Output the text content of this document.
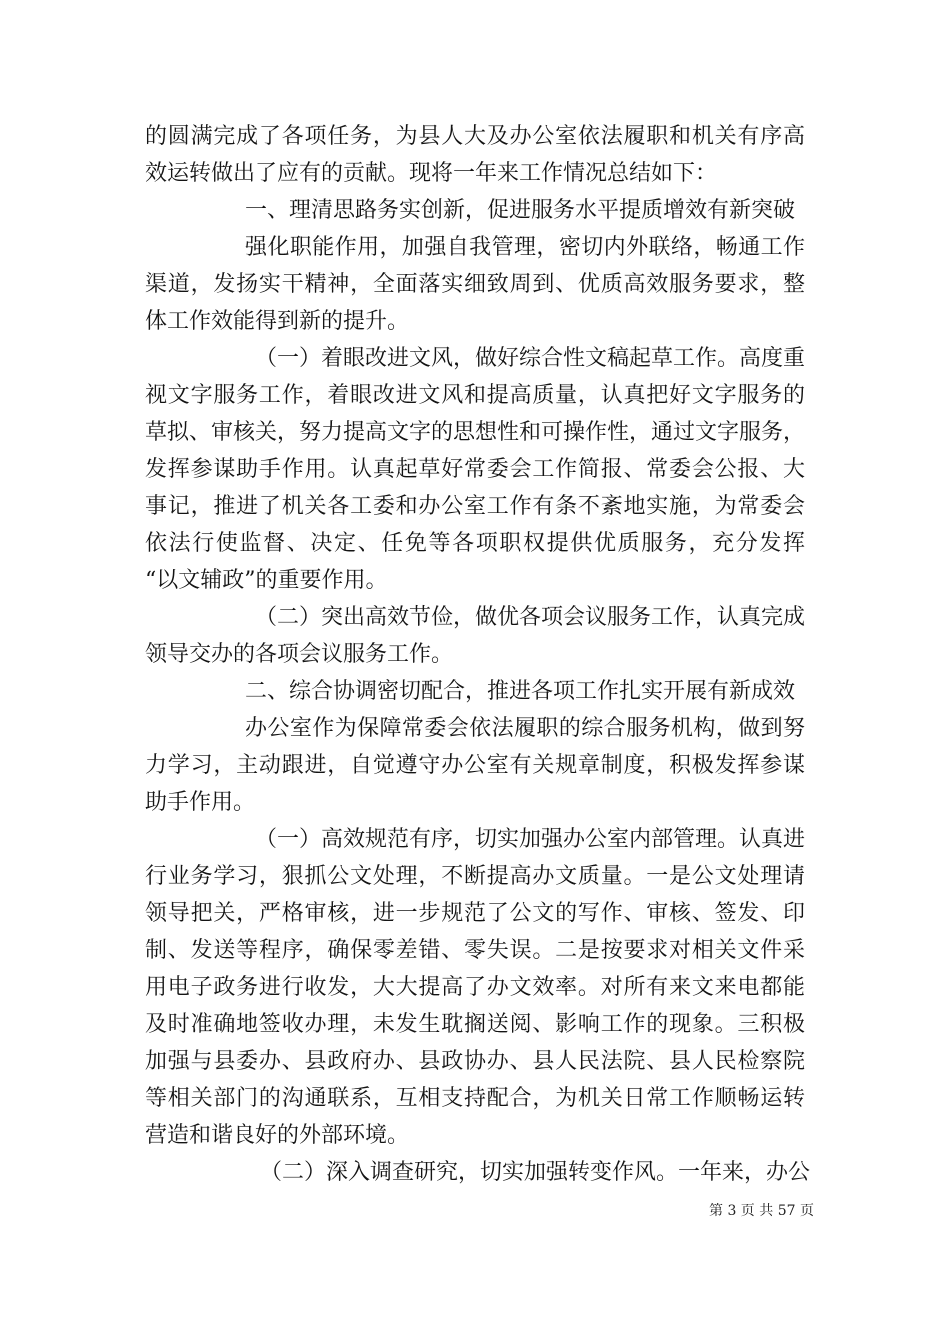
的圆满完成了各项任务，为县人大及办公室依法履职和机关有序高
效运转做出了应有的贡献。现将一年来工作情况总结如下：
一、理清思路务实创新，促进服务水平提质增效有新突破
强化职能作用，加强自我管理，密切内外联络，畅通工作
渠道，发扬实干精神，全面落实细致周到、优质高效服务要求，整
体工作效能得到新的提升。
（一）着眼改进文风，做好综合性文稿起草工作。高度重
视文字服务工作，着眼改进文风和提高质量，认真把好文字服务的
草拟、审核关，努力提高文字的思想性和可操作性，通过文字服务，
发挥参谋助手作用。认真起草好常委会工作简报、常委会公报、大
事记，推进了机关各工委和办公室工作有条不紊地实施，为常委会
依法行使监督、决定、任免等各项职权提供优质服务，充分发挥
“以文辅政”的重要作用。
（二）突出高效节俭，做优各项会议服务工作，认真完成
领导交办的各项会议服务工作。
二、综合协调密切配合，推进各项工作扎实开展有新成效
办公室作为保障常委会依法履职的综合服务机构，做到努
力学习，主动跟进，自觉遵守办公室有关规章制度，积极发挥参谋
助手作用。
（一）高效规范有序，切实加强办公室内部管理。认真进
行业务学习，狠抓公文处理，不断提高办文质量。一是公文处理请
领导把关，严格审核，进一步规范了公文的写作、审核、签发、印
制、发送等程序，确保零差错、零失误。二是按要求对相关文件采
用电子政务进行收发，大大提高了办文效率。对所有来文来电都能
及时准确地签收办理，未发生耽搁送阅、影响工作的现象。三积极
加强与县委办、县政府办、县政协办、县人民法院、县人民检察院
等相关部门的沟通联系，互相支持配合，为机关日常工作顺畅运转
营造和谐良好的外部环境。
（二）深入调查研究，切实加强转变作风。一年来，办公
第 3 页 共 57 页
